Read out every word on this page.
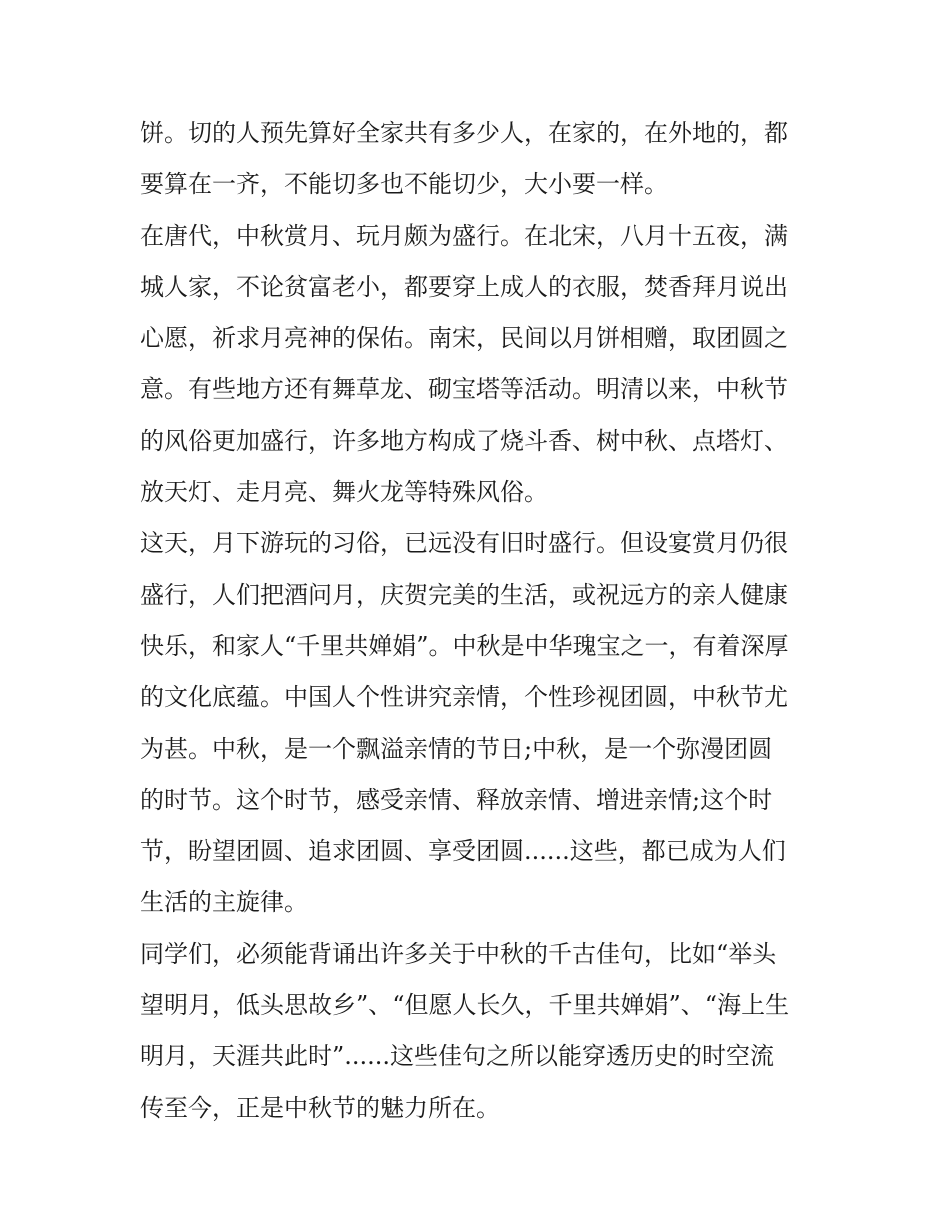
饼。切的人预先算好全家共有多少人，在家的，在外地的，都
要算在一齐，不能切多也不能切少，大小要一样。
在唐代，中秋赏月、玩月颇为盛行。在北宋，八月十五夜，满
城人家，不论贫富老小，都要穿上成人的衣服，焚香拜月说出
心愿，祈求月亮神的保佑。南宋，民间以月饼相赠，取团圆之
意。有些地方还有舞草龙、砌宝塔等活动。明清以来，中秋节
的风俗更加盛行，许多地方构成了烧斗香、树中秋、点塔灯、
放天灯、走月亮、舞火龙等特殊风俗。
这天，月下游玩的习俗，已远没有旧时盛行。但设宴赏月仍很
盛行，人们把酒问月，庆贺完美的生活，或祝远方的亲人健康
快乐，和家人“千里共婵娟”。中秋是中华瑰宝之一，有着深厚
的文化底蕴。中国人个性讲究亲情，个性珍视团圆，中秋节尤
为甚。中秋，是一个飘溢亲情的节日;中秋，是一个弥漫团圆
的时节。这个时节，感受亲情、释放亲情、增进亲情;这个时
节，盼望团圆、追求团圆、享受团圆......这些，都已成为人们
生活的主旋律。
同学们，必须能背诵出许多关于中秋的千古佳句，比如“举头
望明月，低头思故乡”、“但愿人长久，千里共婵娟”、“海上生
明月，天涯共此时”......这些佳句之所以能穿透历史的时空流
传至今，正是中秋节的魅力所在。
